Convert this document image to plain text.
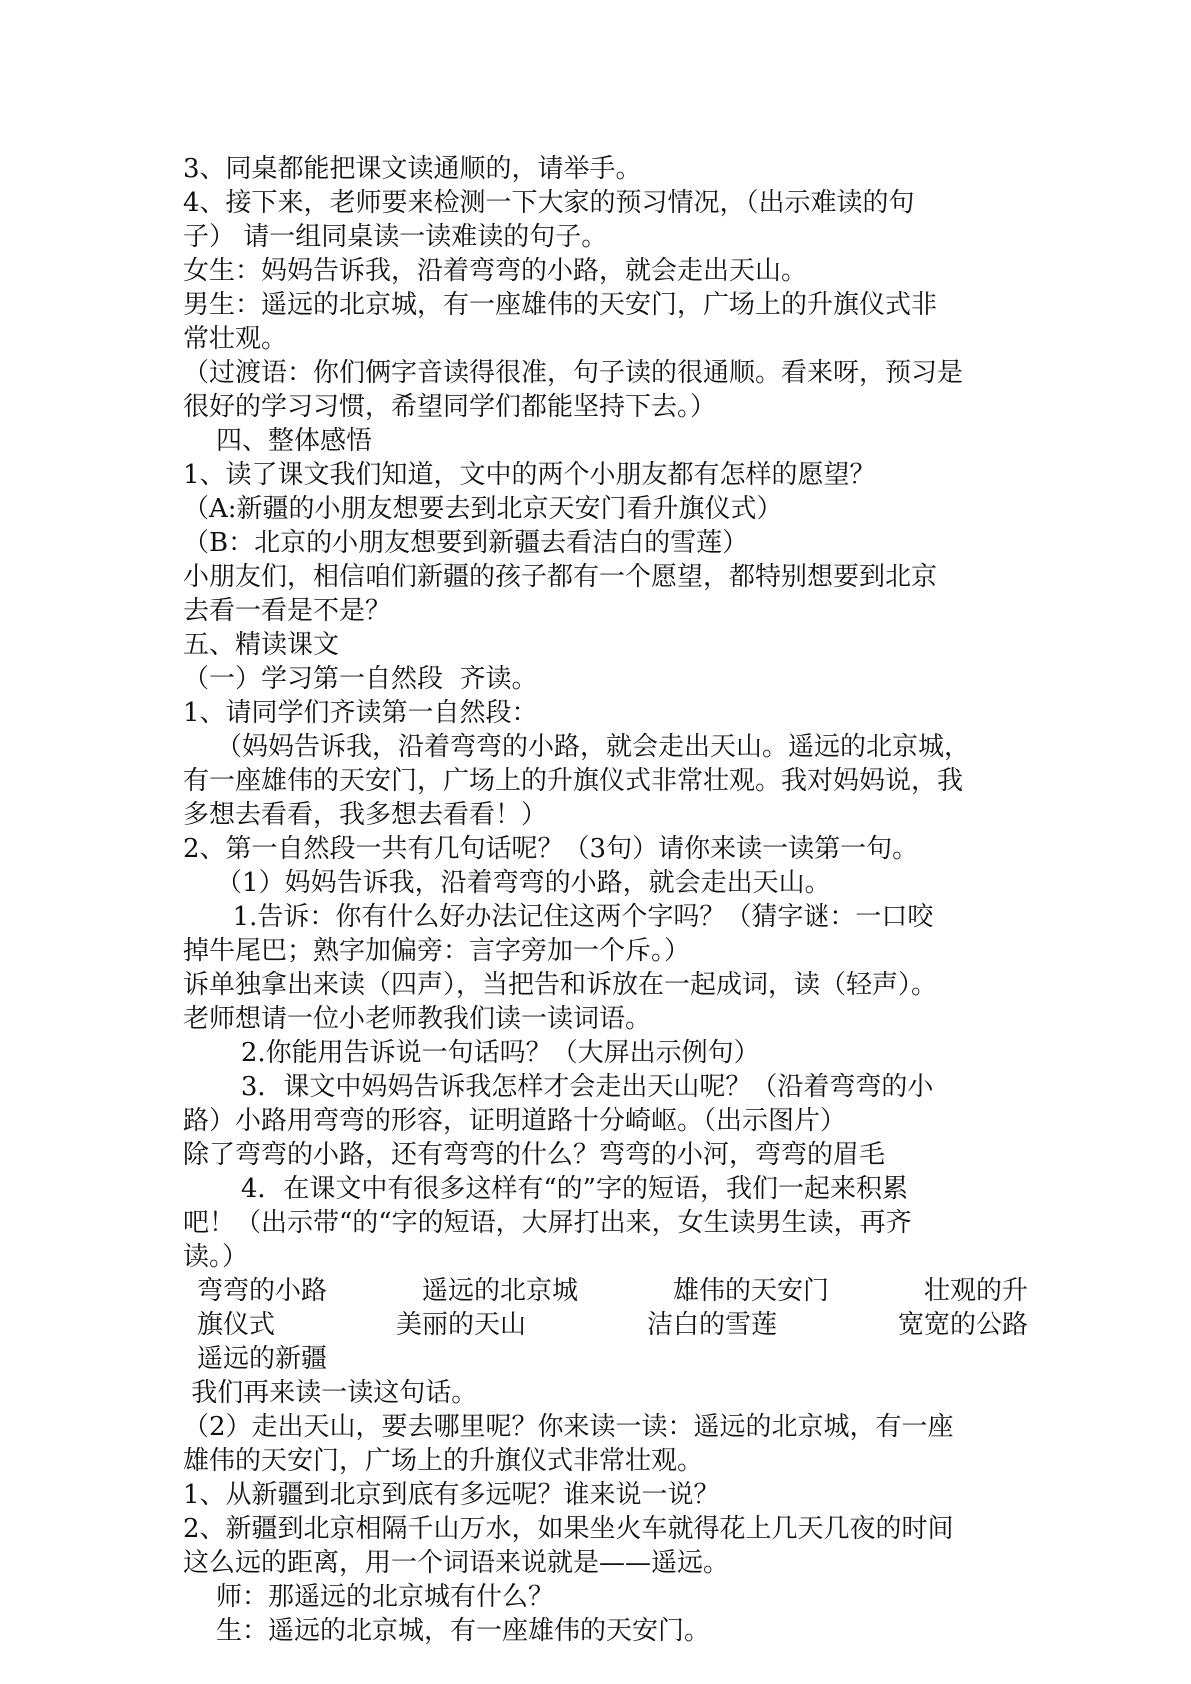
3、同桌都能把课文读通顺的，请举手。
4、接下来，老师要来检测一下大家的预习情况，（出示难读的句
子） 请一组同桌读一读难读的句子。
女生：妈妈告诉我，沿着弯弯的小路，就会走出天山。
男生：遥远的北京城，有一座雄伟的天安门，广场上的升旗仪式非
常壮观。
（过渡语：你们俩字音读得很准，句子读的很通顺。看来呀，预习是
很好的学习习惯，希望同学们都能坚持下去。）
四、整体感悟
1、读了课文我们知道，文中的两个小朋友都有怎样的愿望？
（A:新疆的小朋友想要去到北京天安门看升旗仪式）
（B：北京的小朋友想要到新疆去看洁白的雪莲）
小朋友们，相信咱们新疆的孩子都有一个愿望，都特别想要到北京
去看一看是不是？
五、精读课文
（一）学习第一自然段  齐读。
1、请同学们齐读第一自然段：
（妈妈告诉我，沿着弯弯的小路，就会走出天山。遥远的北京城，
有一座雄伟的天安门，广场上的升旗仪式非常壮观。我对妈妈说，我
多想去看看，我多想去看看！）
2、第一自然段一共有几句话呢？（3句）请你来读一读第一句。
（1）妈妈告诉我，沿着弯弯的小路，就会走出天山。
1.告诉：你有什么好办法记住这两个字吗？（猜字谜：一口咬
掉牛尾巴；熟字加偏旁：言字旁加一个斥。）
诉单独拿出来读（四声），当把告和诉放在一起成词，读（轻声）。
老师想请一位小老师教我们读一读词语。
2.你能用告诉说一句话吗？（大屏出示例句）
3．课文中妈妈告诉我怎样才会走出天山呢？（沿着弯弯的小
路）小路用弯弯的形容，证明道路十分崎岖。（出示图片）
除了弯弯的小路，还有弯弯的什么？弯弯的小河，弯弯的眉毛
4．在课文中有很多这样有“的”字的短语，我们一起来积累
吧！（出示带“的“字的短语，大屏打出来，女生读男生读，再齐
读。）
弯弯的小路	遥远的北京城	雄伟的天安门	壮观的升
旗仪式	美丽的天山	洁白的雪莲	宽宽的公路
遥远的新疆
我们再来读一读这句话。
（2）走出天山，要去哪里呢？你来读一读：遥远的北京城，有一座
雄伟的天安门，广场上的升旗仪式非常壮观。
1、从新疆到北京到底有多远呢？谁来说一说？
2、新疆到北京相隔千山万水，如果坐火车就得花上几天几夜的时间
这么远的距离，用一个词语来说就是——遥远。
师：那遥远的北京城有什么？
生：遥远的北京城，有一座雄伟的天安门。
